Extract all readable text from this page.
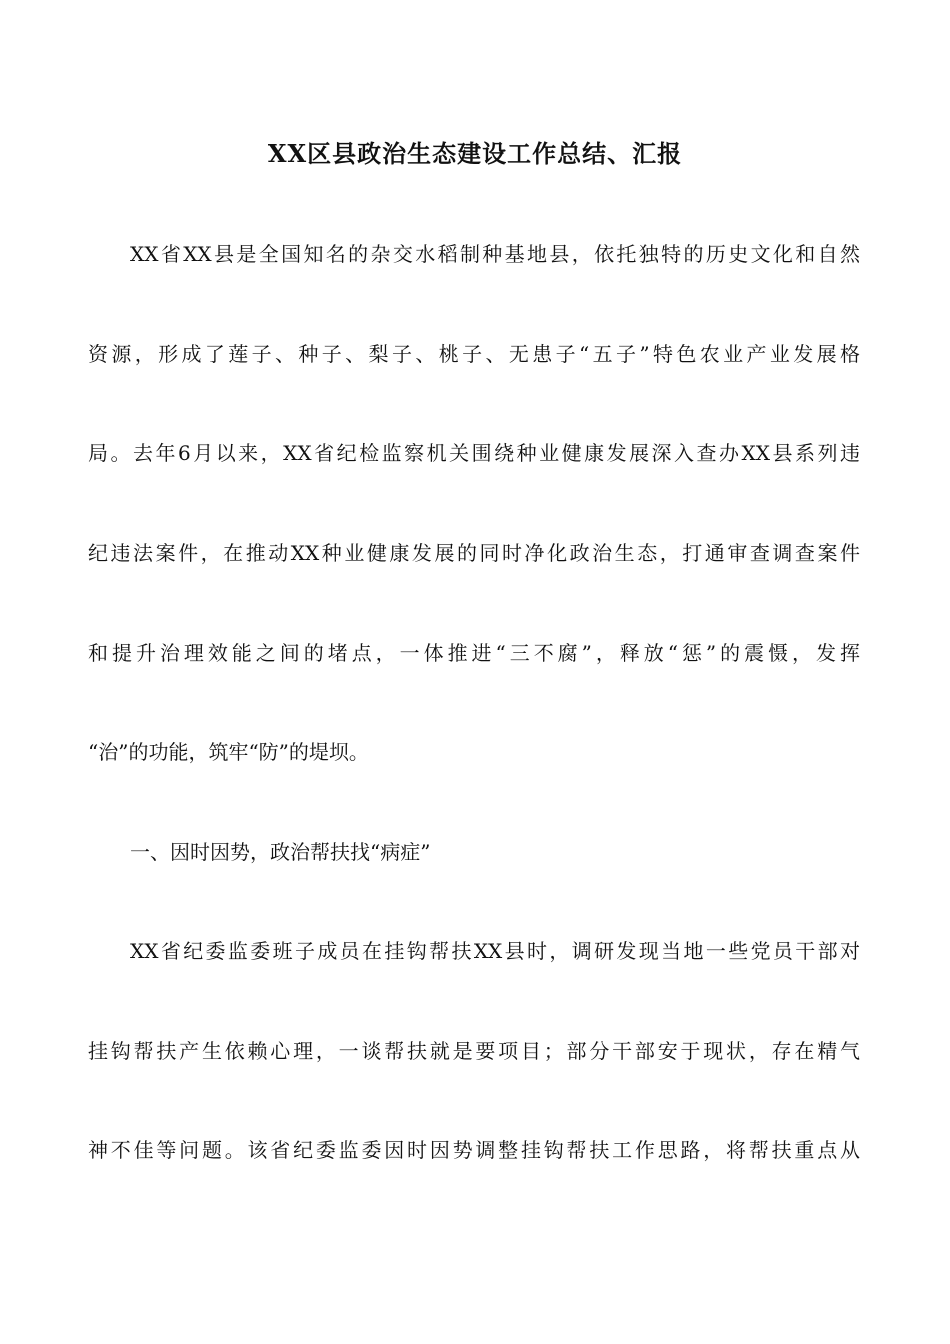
XX区县政治生态建设工作总结、汇报
XX省XX县是全国知名的杂交水稻制种基地县，依托独特的历史文化和自然
资源，形成了莲子、种子、梨子、桃子、无患子“五子”特色农业产业发展格
局。去年6月以来，XX省纪检监察机关围绕种业健康发展深入查办XX县系列违
纪违法案件，在推动XX种业健康发展的同时净化政治生态，打通审查调查案件
和提升治理效能之间的堵点，一体推进“三不腐”，释放“惩”的震慑，发挥
“治”的功能，筑牢“防”的堤坝。
一、因时因势，政治帮扶找“病症”
XX省纪委监委班子成员在挂钩帮扶XX县时，调研发现当地一些党员干部对
挂钩帮扶产生依赖心理，一谈帮扶就是要项目；部分干部安于现状，存在精气
神不佳等问题。该省纪委监委因时因势调整挂钩帮扶工作思路，将帮扶重点从
